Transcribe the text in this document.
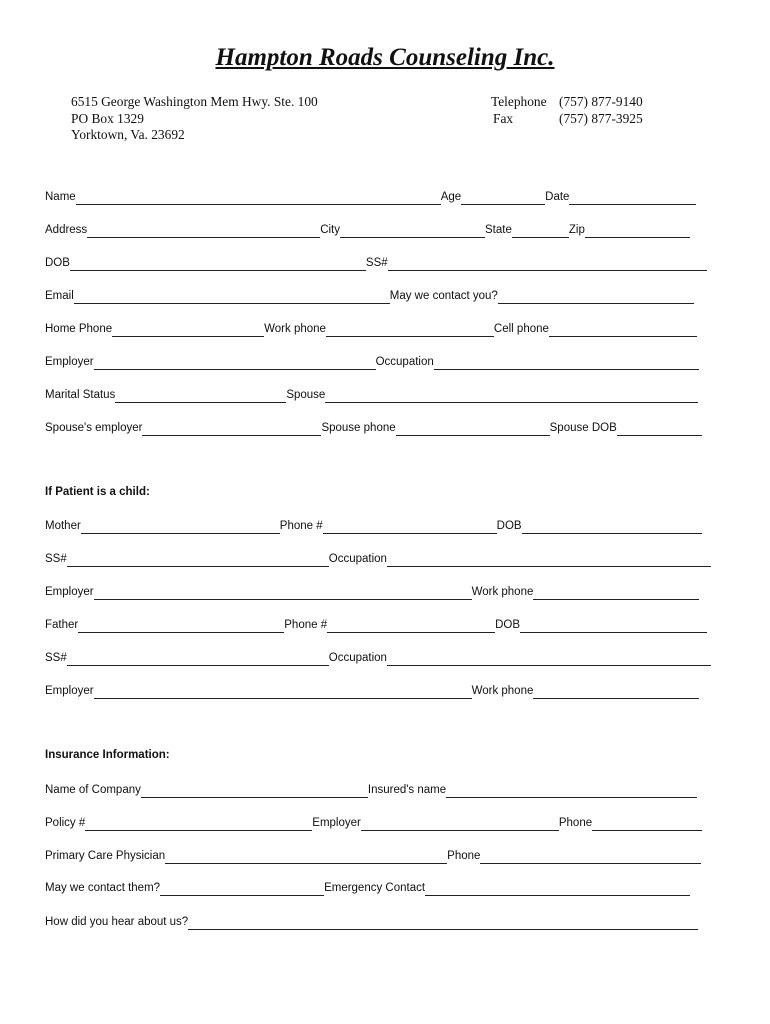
Hampton Roads Counseling Inc.
6515 George Washington Mem Hwy. Ste. 100
PO Box 1329
Yorktown, Va. 23692
Telephone (757) 877-9140
Fax	(757) 877-3925
Name	Age	Date
Address	City	State	Zip
DOB	SS#
Email	May we contact you?
Home Phone	Work phone	Cell phone
Employer	Occupation
Marital Status	Spouse
Spouse's employer	Spouse phone	Spouse DOB
If Patient is a child:
Mother	Phone #	DOB
SS#	Occupation
Employer	Work phone
Father	Phone #	DOB
SS#	Occupation
Employer	Work phone
Insurance Information:
Name of Company	Insured's name
Policy #	Employer	Phone
Primary Care Physician	Phone
May we contact them?	Emergency Contact
How did you hear about us?
